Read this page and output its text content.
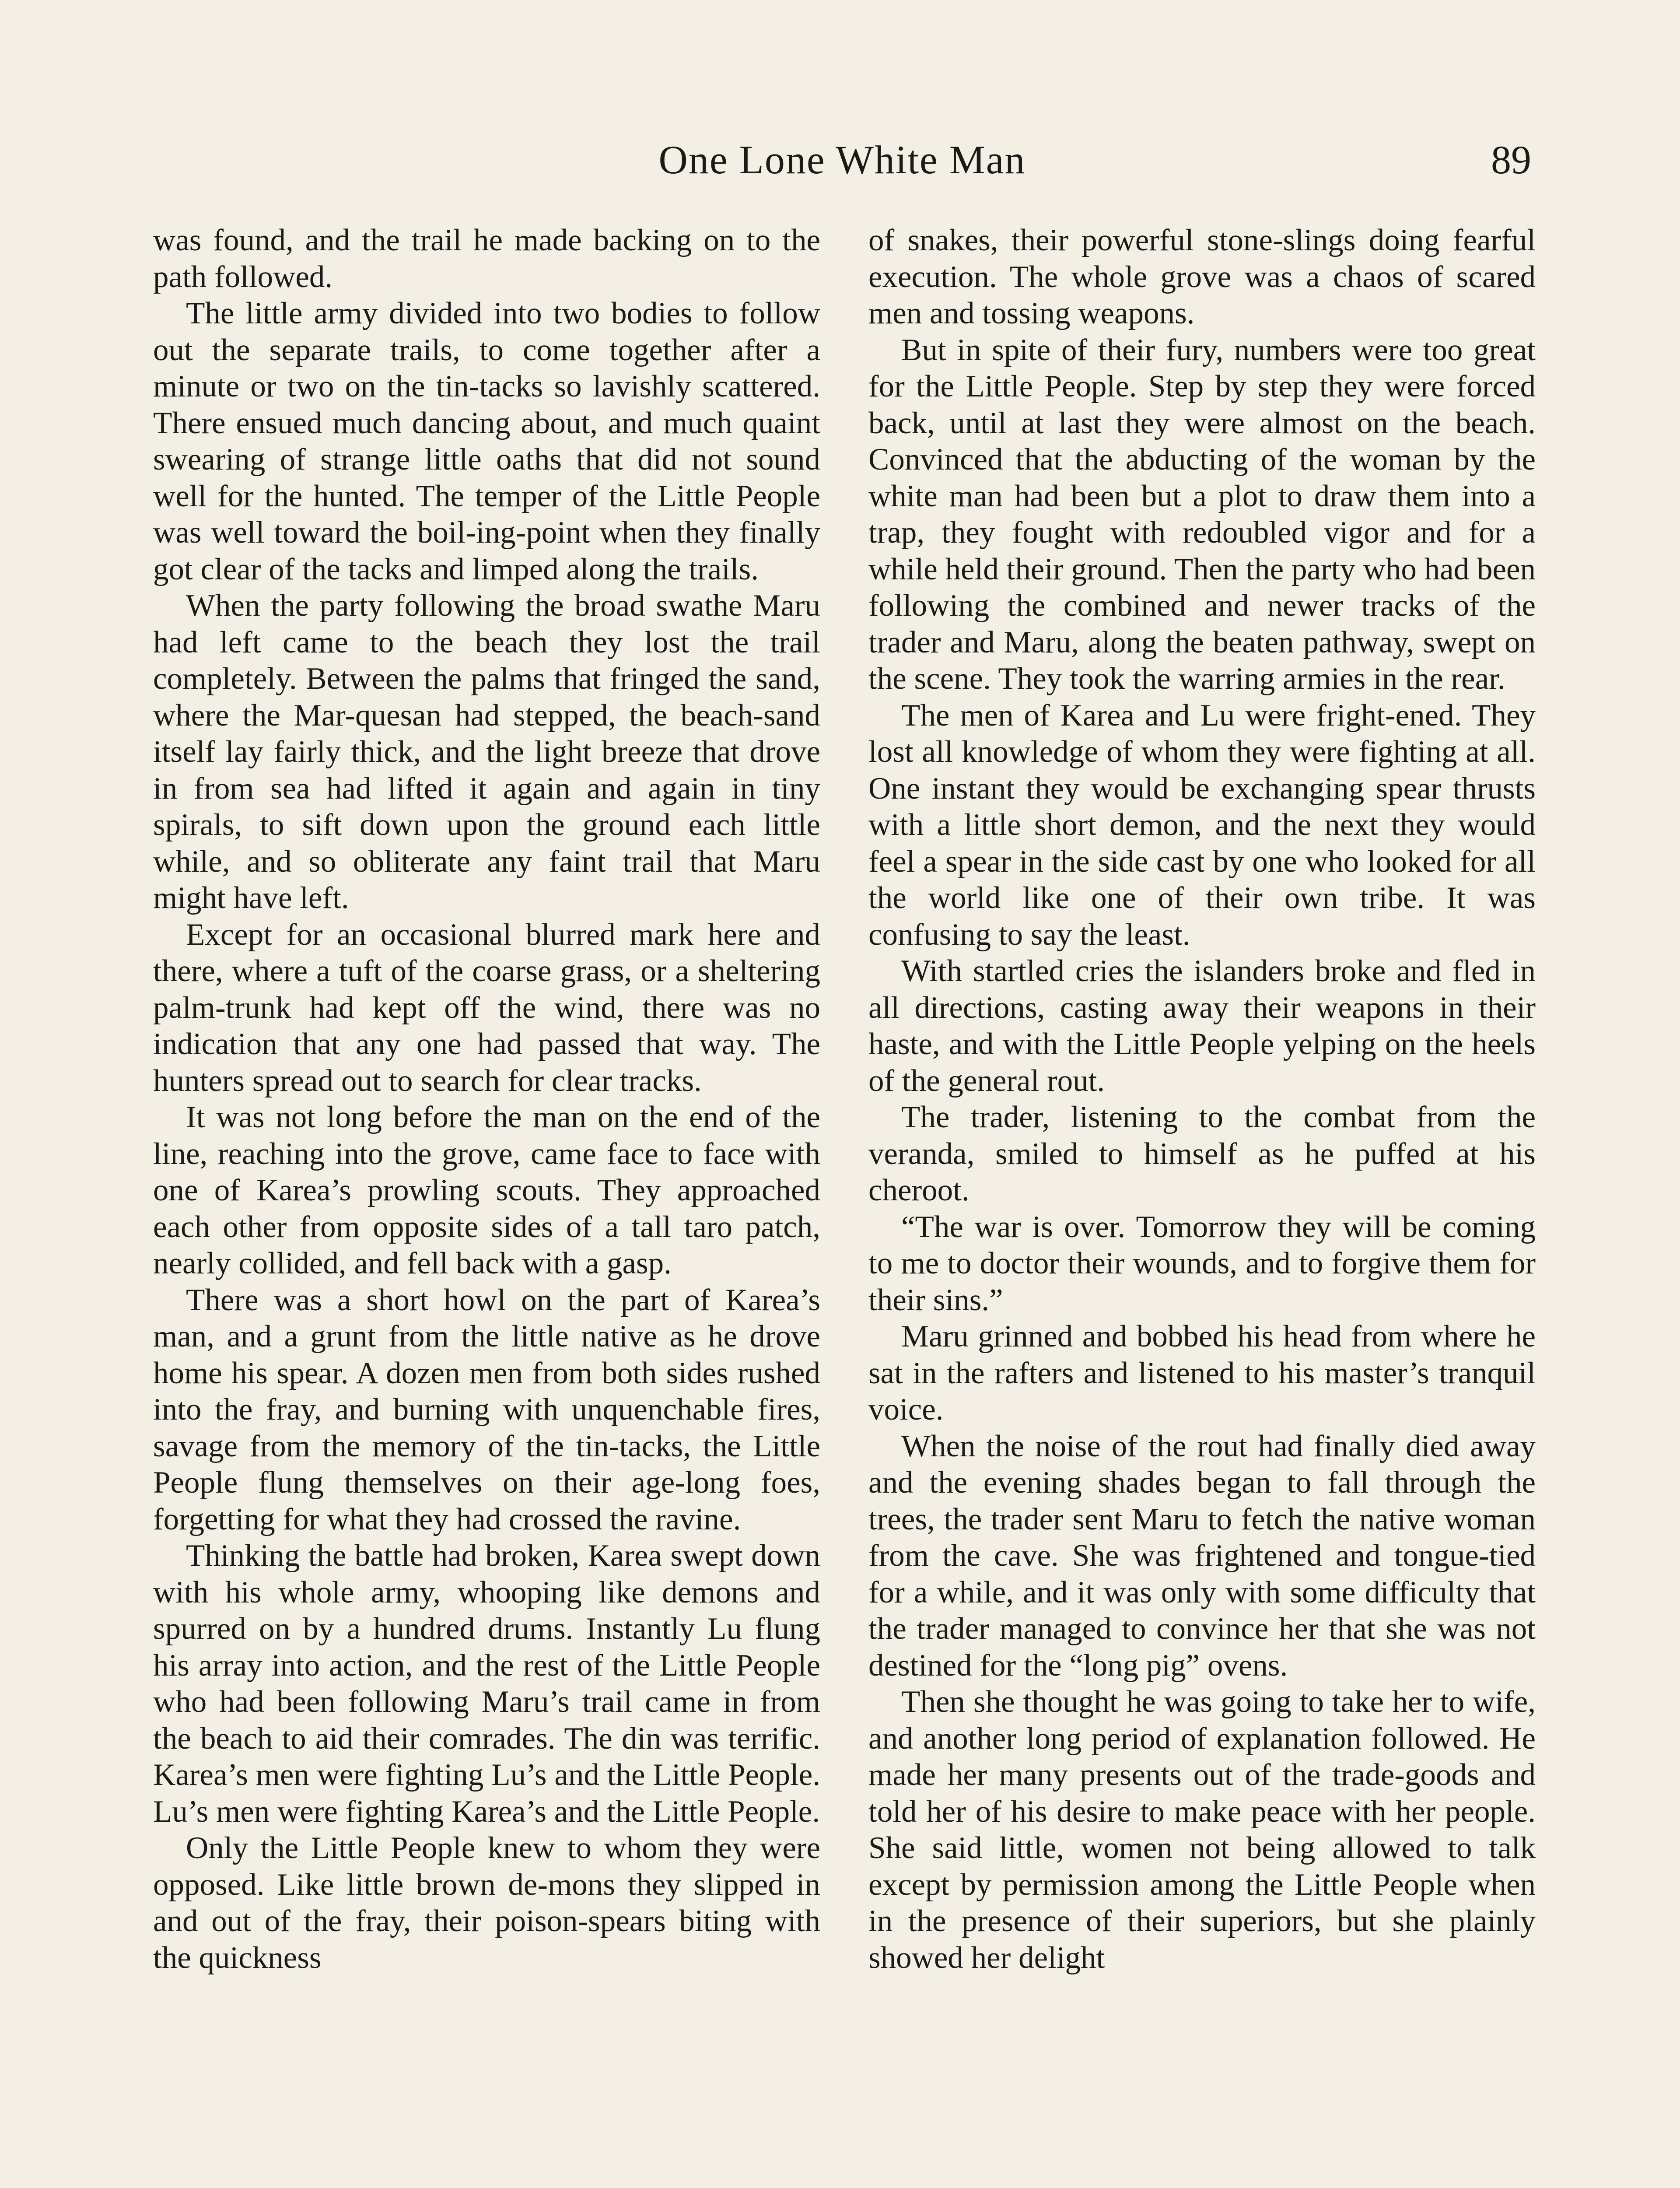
One Lone White Man	89

was found, and the trail he made backing on to the path followed.

The little army divided into two bodies to follow out the separate trails, to come together after a minute or two on the tin-tacks so lavishly scattered. There ensued much dancing about, and much quaint swearing of strange little oaths that did not sound well for the hunted. The temper of the Little People was well toward the boil-ing-point when they finally got clear of the tacks and limped along the trails.

When the party following the broad swathe Maru had left came to the beach they lost the trail completely. Between the palms that fringed the sand, where the Mar-quesan had stepped, the beach-sand itself lay fairly thick, and the light breeze that drove in from sea had lifted it again and again in tiny spirals, to sift down upon the ground each little while, and so obliterate any faint trail that Maru might have left.

Except for an occasional blurred mark here and there, where a tuft of the coarse grass, or a sheltering palm-trunk had kept off the wind, there was no indication that any one had passed that way. The hunters spread out to search for clear tracks.

It was not long before the man on the end of the line, reaching into the grove, came face to face with one of Karea’s prowling scouts. They approached each other from opposite sides of a tall taro patch, nearly collided, and fell back with a gasp.

There was a short howl on the part of Karea’s man, and a grunt from the little native as he drove home his spear. A dozen men from both sides rushed into the fray, and burning with unquenchable fires, savage from the memory of the tin-tacks, the Little People flung themselves on their age-long foes, forgetting for what they had crossed the ravine.

Thinking the battle had broken, Karea swept down with his whole army, whooping like demons and spurred on by a hundred drums. Instantly Lu flung his array into action, and the rest of the Little People who had been following Maru’s trail came in from the beach to aid their comrades. The din was terrific. Karea’s men were fighting Lu’s and the Little People. Lu’s men were fighting Karea’s and the Little People.

Only the Little People knew to whom they were opposed. Like little brown de-mons they slipped in and out of the fray, their poison-spears biting with the quickness

of snakes, their powerful stone-slings doing fearful execution. The whole grove was a chaos of scared men and tossing weapons.

But in spite of their fury, numbers were too great for the Little People. Step by step they were forced back, until at last they were almost on the beach. Convinced that the abducting of the woman by the white man had been but a plot to draw them into a trap, they fought with redoubled vigor and for a while held their ground. Then the party who had been following the combined and newer tracks of the trader and Maru, along the beaten pathway, swept on the scene. They took the warring armies in the rear.

The men of Karea and Lu were fright-ened. They lost all knowledge of whom they were fighting at all. One instant they would be exchanging spear thrusts with a little short demon, and the next they would feel a spear in the side cast by one who looked for all the world like one of their own tribe. It was confusing to say the least.

With startled cries the islanders broke and fled in all directions, casting away their weapons in their haste, and with the Little People yelping on the heels of the general rout.

The trader, listening to the combat from the veranda, smiled to himself as he puffed at his cheroot.

“The war is over. Tomorrow they will be coming to me to doctor their wounds, and to forgive them for their sins.”

Maru grinned and bobbed his head from where he sat in the rafters and listened to his master’s tranquil voice.

When the noise of the rout had finally died away and the evening shades began to fall through the trees, the trader sent Maru to fetch the native woman from the cave. She was frightened and tongue-tied for a while, and it was only with some difficulty that the trader managed to convince her that she was not destined for the “long pig” ovens.

Then she thought he was going to take her to wife, and another long period of explanation followed. He made her many presents out of the trade-goods and told her of his desire to make peace with her people. She said little, women not being allowed to talk except by permission among the Little People when in the presence of their superiors, but she plainly showed her delight
